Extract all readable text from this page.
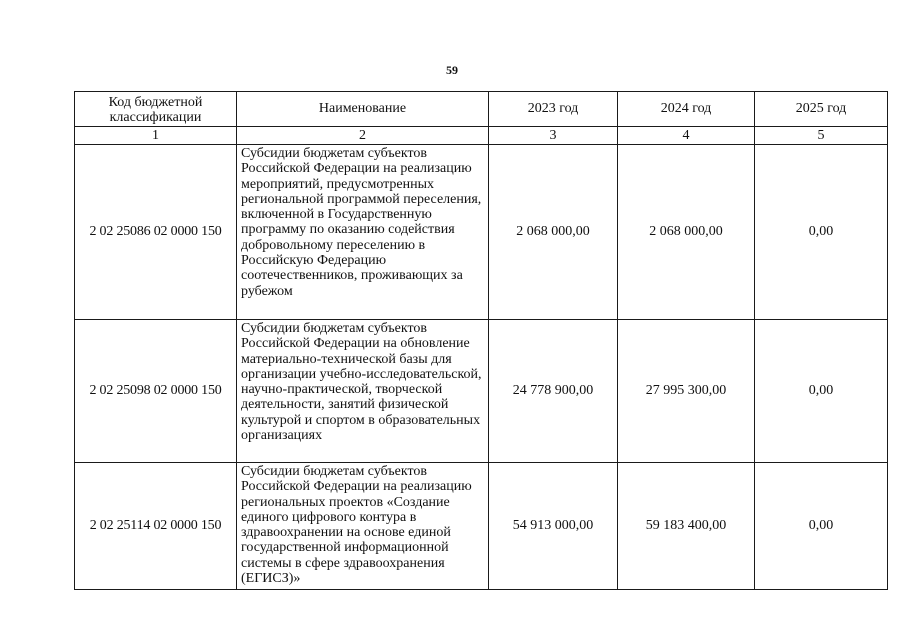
59
Код бюджетной классификации	Наименование	2023 год	2024 год	2025 год
1	2	3	4	5
2 02 25086 02 0000 150	Субсидии бюджетам субъектов Российской Федерации на реализацию мероприятий, предусмотренных региональной программой переселения, включенной в Государственную программу по оказанию содействия добровольному переселению в Российскую Федерацию соотечественников, проживающих за рубежом	2 068 000,00	2 068 000,00	0,00
2 02 25098 02 0000 150	Субсидии бюджетам субъектов Российской Федерации на обновление материально-технической базы для организации учебно-исследовательской, научно-практической, творческой деятельности, занятий физической культурой и спортом в образовательных организациях	24 778 900,00	27 995 300,00	0,00
2 02 25114 02 0000 150	Субсидии бюджетам субъектов Российской Федерации на реализацию региональных проектов «Создание единого цифрового контура в здравоохранении на основе единой государственной информационной системы в сфере здравоохранения (ЕГИСЗ)»	54 913 000,00	59 183 400,00	0,00
